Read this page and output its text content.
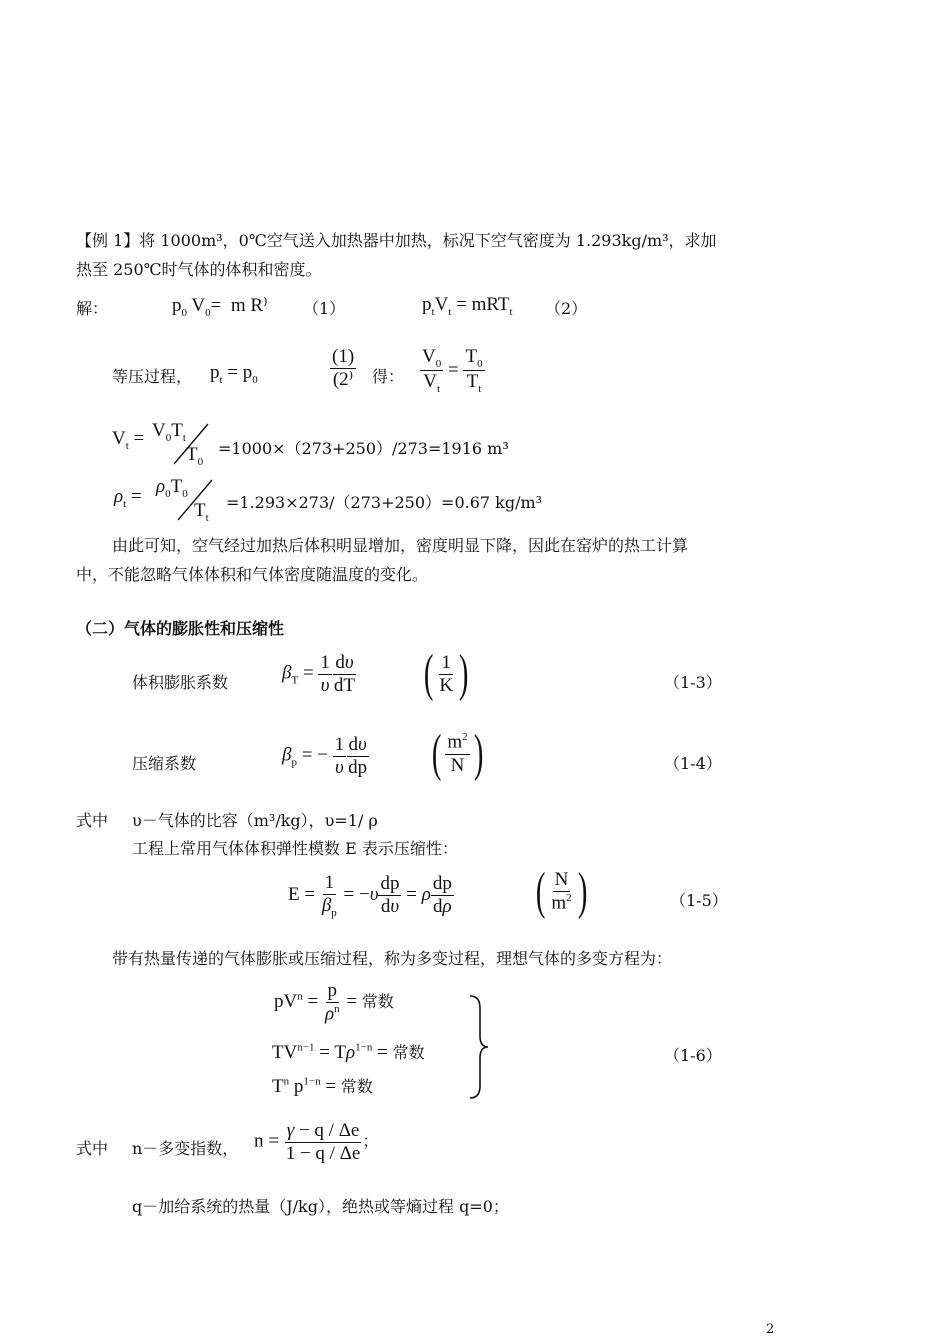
【例 1】将 1000m³，0℃空气送入加热器中加热，标况下空气密度为 1.293kg/m³，求加
热至 250℃时气体的体积和密度。
解：	$p_0$ $V_0= m$ R⁾ （1）	$p_tV_t = mRT_t$ （2）
等压过程， $p_t = p_0$	$\frac{(1)}{(2^)}$ 得： $\frac{V_0}{V_t} = \frac{T_0}{T_t}$
$V_t = V_0T_t$
$T_0$
=1000×（273+250）/273=1916 m³
$\rho_t = \rho_0T_0$
$T_t$
=1.293×273/（273+250）=0.67 kg/m³
由此可知，空气经过加热后体积明显增加，密度明显下降，因此在窑炉的热工计算
中，不能忽略气体体积和气体密度随温度的变化。
（二）气体的膨胀性和压缩性
体积膨胀系数	$\beta_T = \frac{1}{\upsilon} \frac{d\upsilon}{dT}$ ( $\frac{1}{K}$ )	（1-3）
压缩系数	$\beta_p$ = − $\frac{1}{\upsilon} \frac{d\upsilon}{dp}$ ( $\frac{m^2}{N}$ )	（1-4）
式中 υ－气体的比容（m³/kg），υ=1/ ρ
工程上常用气体体积弹性模数 E 表示压缩性：
$E = \frac{1}{\beta_p} = -\upsilon \frac{dp}{d\upsilon} = \rho \frac{dp}{d\rho}$ ( $\frac{N}{m^2}$ )	（1-5）
带有热量传递的气体膨胀或压缩过程，称为多变过程，理想气体的多变方程为：
$pV^n = \frac{p}{\rho^n}$ = 常数
$TV^{n-1} = T\rho^{1-n}$ = 常数
$T^n$ $p^{1-n}$ = 常数
（1-6）
式中 n－多变指数， $n = \frac{\gamma - q / \Delta e}{1 - q / \Delta e}$ ；
q－加给系统的热量（J/kg），绝热或等熵过程 q=0；
2
